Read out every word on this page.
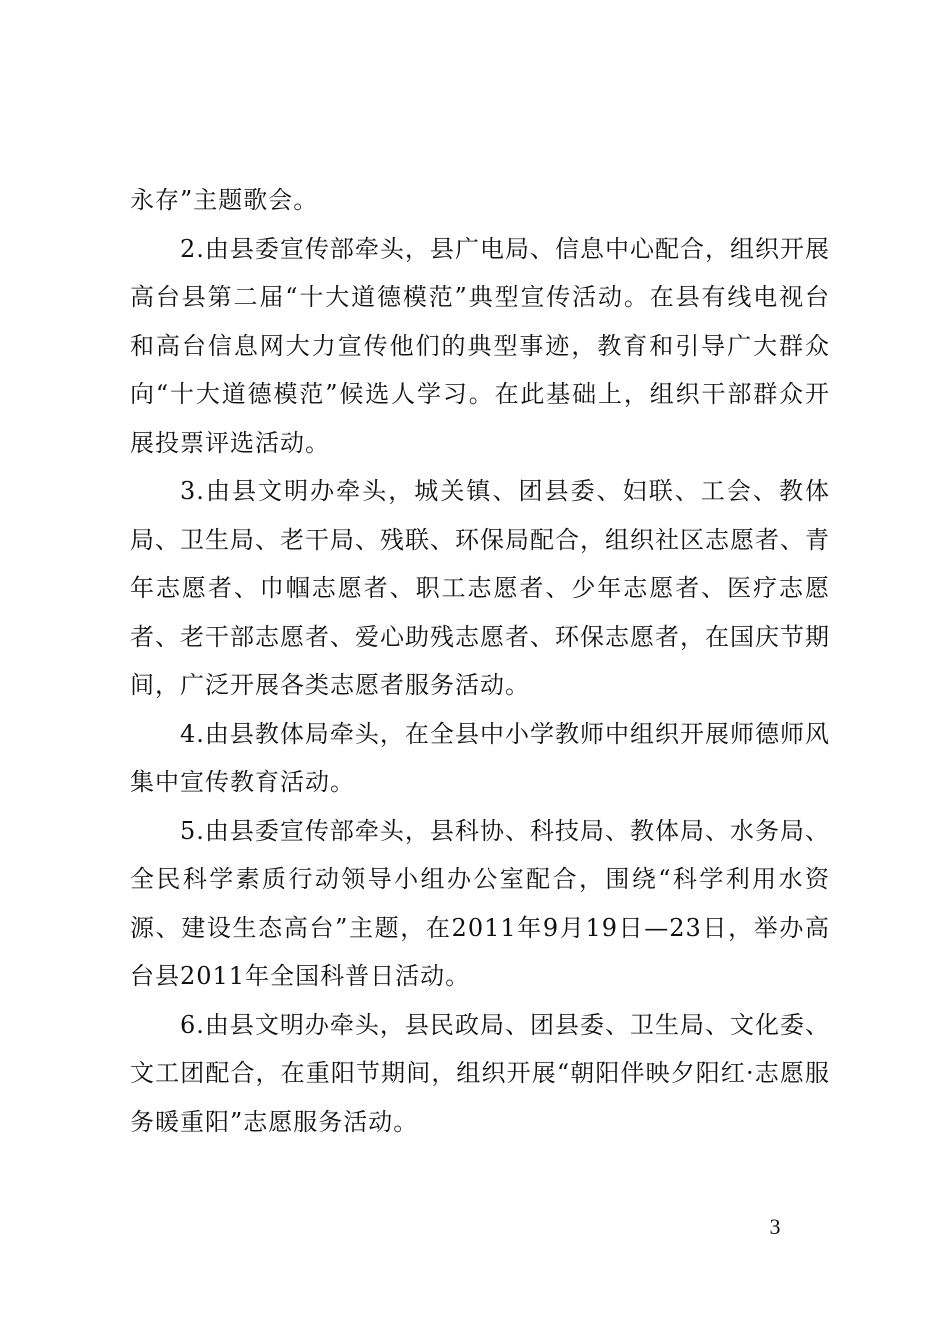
永存”主题歌会。

2.由县委宣传部牵头，县广电局、信息中心配合，组织开展高台县第二届“十大道德模范”典型宣传活动。在县有线电视台和高台信息网大力宣传他们的典型事迹，教育和引导广大群众向“十大道德模范”候选人学习。在此基础上，组织干部群众开展投票评选活动。

3.由县文明办牵头，城关镇、团县委、妇联、工会、教体局、卫生局、老干局、残联、环保局配合，组织社区志愿者、青年志愿者、巾帼志愿者、职工志愿者、少年志愿者、医疗志愿者、老干部志愿者、爱心助残志愿者、环保志愿者，在国庆节期间，广泛开展各类志愿者服务活动。

4.由县教体局牵头，在全县中小学教师中组织开展师德师风集中宣传教育活动。

5.由县委宣传部牵头，县科协、科技局、教体局、水务局、全民科学素质行动领导小组办公室配合，围绕“科学利用水资源、建设生态高台”主题，在2011年9月19日—23日，举办高台县2011年全国科普日活动。

6.由县文明办牵头，县民政局、团县委、卫生局、文化委、文工团配合，在重阳节期间，组织开展“朝阳伴映夕阳红·志愿服务暖重阳”志愿服务活动。

3
